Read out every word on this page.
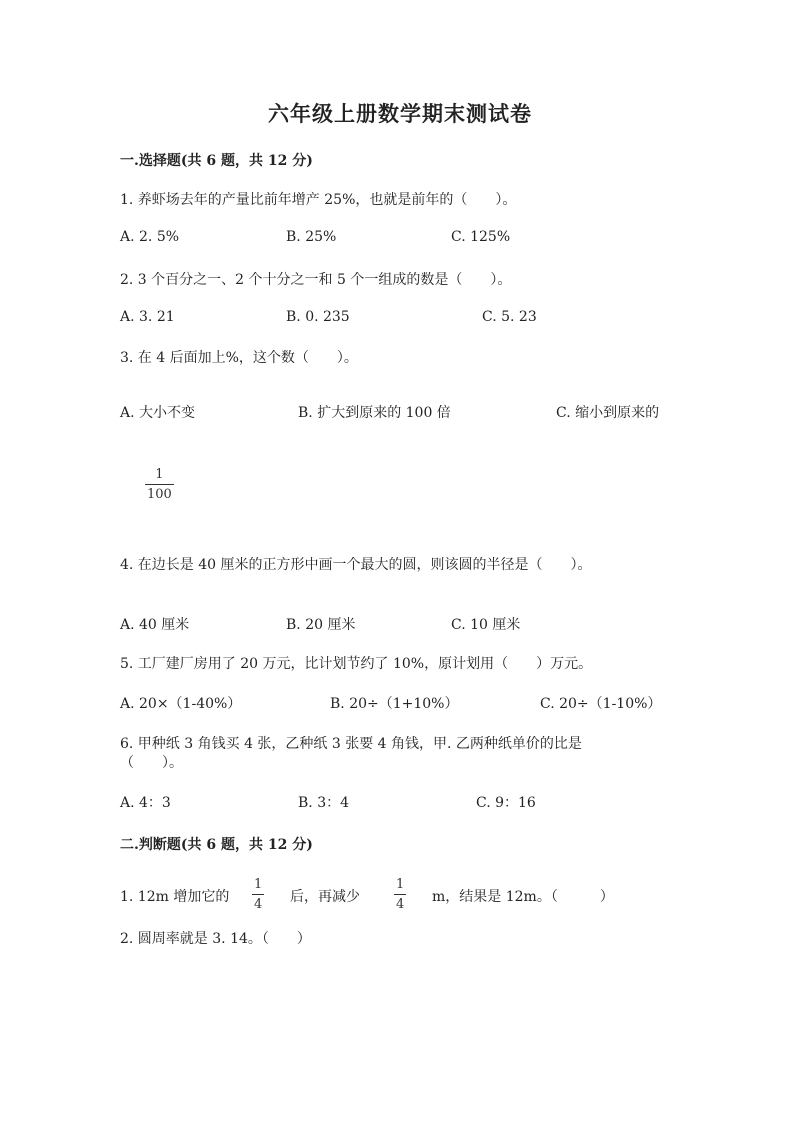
六年级上册数学期末测试卷
一.选择题(共 6 题，共 12 分)
1. 养虾场去年的产量比前年增产 25%，也就是前年的（　　）。
A. 2. 5%	B. 25%	C. 125%
2. 3 个百分之一、2 个十分之一和 5 个一组成的数是（　　）。
A. 3. 21	B. 0. 235	C. 5. 23
3. 在 4 后面加上%，这个数（　　）。
A. 大小不变	B. 扩大到原来的 100 倍	C. 缩小到原来的
1
100
4. 在边长是 40 厘米的正方形中画一个最大的圆，则该圆的半径是（　　）。
A. 40 厘米	B. 20 厘米	C. 10 厘米
5. 工厂建厂房用了 20 万元，比计划节约了 10%，原计划用（　　）万元。
A. 20×（1-40%）	B. 20÷（1+10%）	C. 20÷（1-10%）
6. 甲种纸 3 角钱买 4 张，乙种纸 3 张要 4 角钱，甲. 乙两种纸单价的比是
（　　）。
A. 4：3	B. 3：4	C. 9：16
二.判断题(共 6 题，共 12 分)
1. 12m 增加它的
1
4 后，再减少
1
4 m，结果是 12m。（　　　）
2. 圆周率就是 3. 14。（　　）
